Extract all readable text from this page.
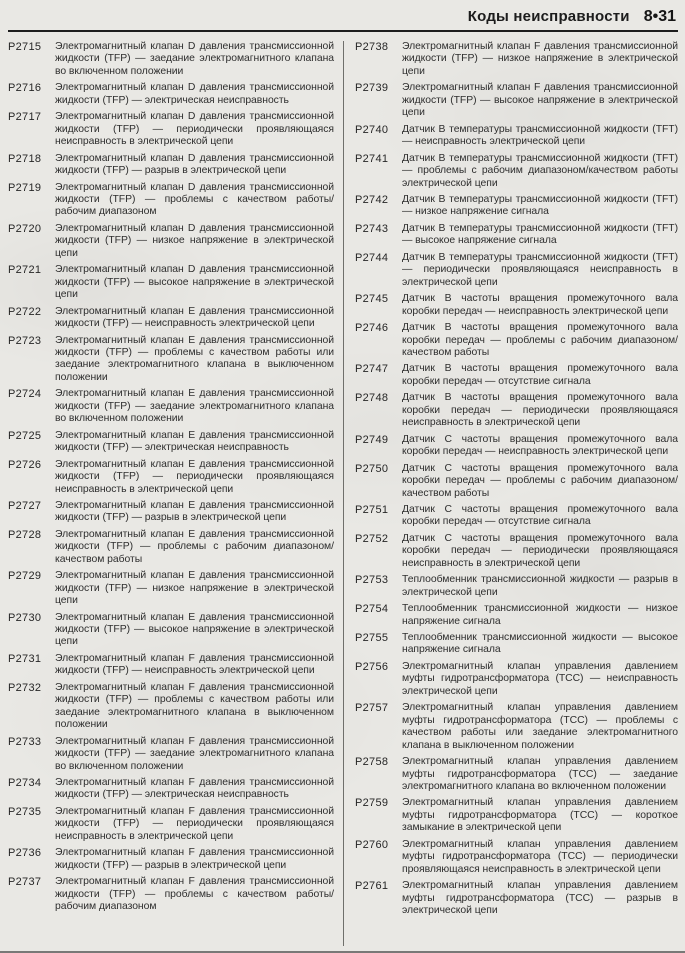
Коды неисправности 8•31
P2715	Электромагнитный клапан D давления трансмиссионной жидкости (TFP) — заедание электромагнитного клапана во включенном положении
P2716	Электромагнитный клапан D давления трансмиссионной жидкости (TFP) — электрическая неисправность
P2717	Электромагнитный клапан D давления трансмиссионной жидкости (TFP) — периодически проявляющаяся неисправность в электрической цепи
P2718	Электромагнитный клапан D давления трансмиссионной жидкости (TFP) — разрыв в электрической цепи
P2719	Электромагнитный клапан D давления трансмиссионной жидкости (TFP) — проблемы с качеством работы/рабочим диапазоном
P2720	Электромагнитный клапан D давления трансмиссионной жидкости (TFP) — низкое напряжение в электрической цепи
P2721	Электромагнитный клапан D давления трансмиссионной жидкости (TFP) — высокое напряжение в электрической цепи
P2722	Электромагнитный клапан E давления трансмиссионной жидкости (TFP) — неисправность электрической цепи
P2723	Электромагнитный клапан E давления трансмиссионной жидкости (TFP) — проблемы с качеством работы или заедание электромагнитного клапана в выключенном положении
P2724	Электромагнитный клапан E давления трансмиссионной жидкости (TFP) — заедание электромагнитного клапана во включенном положении
P2725	Электромагнитный клапан E давления трансмиссионной жидкости (TFP) — электрическая неисправность
P2726	Электромагнитный клапан E давления трансмиссионной жидкости (TFP) — периодически проявляющаяся неисправность в электрической цепи
P2727	Электромагнитный клапан E давления трансмиссионной жидкости (TFP) — разрыв в электрической цепи
P2728	Электромагнитный клапан E давления трансмиссионной жидкости (TFP) — проблемы с рабочим диапазоном/качеством работы
P2729	Электромагнитный клапан E давления трансмиссионной жидкости (TFP) — низкое напряжение в электрической цепи
P2730	Электромагнитный клапан E давления трансмиссионной жидкости (TFP) — высокое напряжение в электрической цепи
P2731	Электромагнитный клапан F давления трансмиссионной жидкости (TFP) — неисправность электрической цепи
P2732	Электромагнитный клапан F давления трансмиссионной жидкости (TFP) — проблемы с качеством работы или заедание электромагнитного клапана в выключенном положении
P2733	Электромагнитный клапан F давления трансмиссионной жидкости (TFP) — заедание электромагнитного клапана во включенном положении
P2734	Электромагнитный клапан F давления трансмиссионной жидкости (TFP) — электрическая неисправность
P2735	Электромагнитный клапан F давления трансмиссионной жидкости (TFP) — периодически проявляющаяся неисправность в электрической цепи
P2736	Электромагнитный клапан F давления трансмиссионной жидкости (TFP) — разрыв в электрической цепи
P2737	Электромагнитный клапан F давления трансмиссионной жидкости (TFP) — проблемы с качеством работы/рабочим диапазоном
P2738	Электромагнитный клапан F давления трансмиссионной жидкости (TFP) — низкое напряжение в электрической цепи
P2739	Электромагнитный клапан F давления трансмиссионной жидкости (TFP) — высокое напряжение в электрической цепи
P2740	Датчик B температуры трансмиссионной жидкости (TFT) — неисправность электрической цепи
P2741	Датчик B температуры трансмиссионной жидкости (TFT) — проблемы с рабочим диапазоном/качеством работы электрической цепи
P2742	Датчик B температуры трансмиссионной жидкости (TFT) — низкое напряжение сигнала
P2743	Датчик B температуры трансмиссионной жидкости (TFT) — высокое напряжение сигнала
P2744	Датчик B температуры трансмиссионной жидкости (TFT) — периодически проявляющаяся неисправность в электрической цепи
P2745	Датчик B частоты вращения промежуточного вала коробки передач — неисправность электрической цепи
P2746	Датчик B частоты вращения промежуточного вала коробки передач — проблемы с рабочим диапазоном/качеством работы
P2747	Датчик B частоты вращения промежуточного вала коробки передач — отсутствие сигнала
P2748	Датчик B частоты вращения промежуточного вала коробки передач — периодически проявляющаяся неисправность в электрической цепи
P2749	Датчик C частоты вращения промежуточного вала коробки передач — неисправность электрической цепи
P2750	Датчик C частоты вращения промежуточного вала коробки передач — проблемы с рабочим диапазоном/качеством работы
P2751	Датчик C частоты вращения промежуточного вала коробки передач — отсутствие сигнала
P2752	Датчик C частоты вращения промежуточного вала коробки передач — периодически проявляющаяся неисправность в электрической цепи
P2753	Теплообменник трансмиссионной жидкости — разрыв в электрической цепи
P2754	Теплообменник трансмиссионной жидкости — низкое напряжение сигнала
P2755	Теплообменник трансмиссионной жидкости — высокое напряжение сигнала
P2756	Электромагнитный клапан управления давлением муфты гидротрансформатора (TCC) — неисправность электрической цепи
P2757	Электромагнитный клапан управления давлением муфты гидротрансформатора (TCC) — проблемы с качеством работы или заедание электромагнитного клапана в выключенном положении
P2758	Электромагнитный клапан управления давлением муфты гидротрансформатора (TCC) — заедание электромагнитного клапана во включенном положении
P2759	Электромагнитный клапан управления давлением муфты гидротрансформатора (TCC) — короткое замыкание в электрической цепи
P2760	Электромагнитный клапан управления давлением муфты гидротрансформатора (TCC) — периодически проявляющаяся неисправность в электрической цепи
P2761	Электромагнитный клапан управления давлением муфты гидротрансформатора (TCC) — разрыв в электрической цепи
